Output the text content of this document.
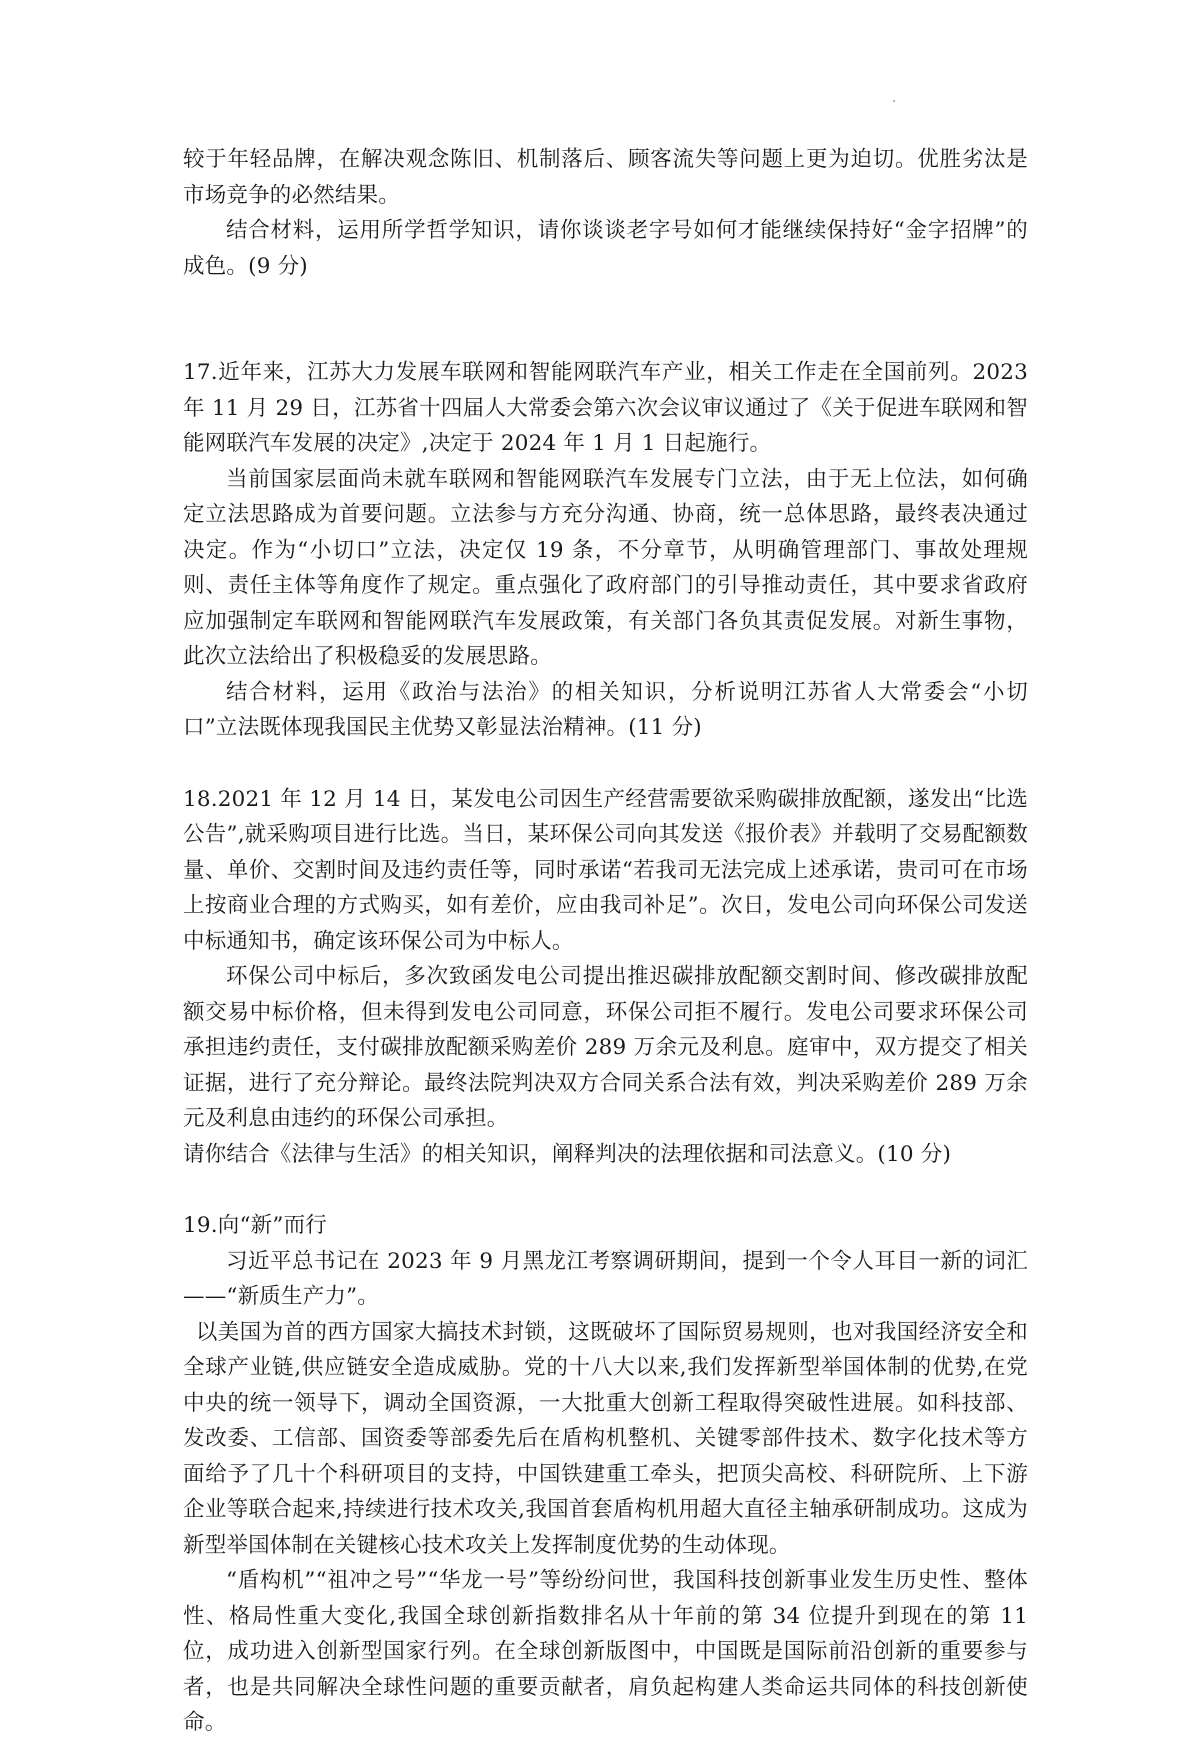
较于年轻品牌，在解决观念陈旧、机制落后、顾客流失等问题上更为迫切。优胜劣汰是市场竞争的必然结果。

结合材料，运用所学哲学知识，请你谈谈老字号如何才能继续保持好“金字招牌”的成色。(9 分)

17.近年来，江苏大力发展车联网和智能网联汽车产业，相关工作走在全国前列。2023 年 11 月 29 日，江苏省十四届人大常委会第六次会议审议通过了《关于促进车联网和智能网联汽车发展的决定》,决定于 2024 年 1 月 1 日起施行。

当前国家层面尚未就车联网和智能网联汽车发展专门立法，由于无上位法，如何确定立法思路成为首要问题。立法参与方充分沟通、协商，统一总体思路，最终表决通过决定。作为“小切口”立法，决定仅 19 条，不分章节，从明确管理部门、事故处理规则、责任主体等角度作了规定。重点强化了政府部门的引导推动责任，其中要求省政府应加强制定车联网和智能网联汽车发展政策，有关部门各负其责促发展。对新生事物，此次立法给出了积极稳妥的发展思路。

结合材料，运用《政治与法治》的相关知识，分析说明江苏省人大常委会“小切口”立法既体现我国民主优势又彰显法治精神。(11 分)

18.2021 年 12 月 14 日，某发电公司因生产经营需要欲采购碳排放配额，遂发出“比选公告”,就采购项目进行比选。当日，某环保公司向其发送《报价表》并载明了交易配额数量、单价、交割时间及违约责任等，同时承诺“若我司无法完成上述承诺，贵司可在市场上按商业合理的方式购买，如有差价，应由我司补足”。次日，发电公司向环保公司发送中标通知书，确定该环保公司为中标人。

环保公司中标后，多次致函发电公司提出推迟碳排放配额交割时间、修改碳排放配额交易中标价格，但未得到发电公司同意，环保公司拒不履行。发电公司要求环保公司承担违约责任，支付碳排放配额采购差价 289 万余元及利息。庭审中，双方提交了相关证据，进行了充分辩论。最终法院判决双方合同关系合法有效，判决采购差价 289 万余元及利息由违约的环保公司承担。

请你结合《法律与生活》的相关知识，阐释判决的法理依据和司法意义。(10 分)

19.向“新”而行

习近平总书记在 2023 年 9 月黑龙江考察调研期间，提到一个令人耳目一新的词汇——“新质生产力”。

以美国为首的西方国家大搞技术封锁，这既破坏了国际贸易规则，也对我国经济安全和全球产业链,供应链安全造成威胁。党的十八大以来,我们发挥新型举国体制的优势,在党中央的统一领导下，调动全国资源，一大批重大创新工程取得突破性进展。如科技部、发改委、工信部、国资委等部委先后在盾构机整机、关键零部件技术、数字化技术等方面给予了几十个科研项目的支持，中国铁建重工牵头，把顶尖高校、科研院所、上下游企业等联合起来,持续进行技术攻关,我国首套盾构机用超大直径主轴承研制成功。这成为新型举国体制在关键核心技术攻关上发挥制度优势的生动体现。

“盾构机”“祖冲之号”“华龙一号”等纷纷问世，我国科技创新事业发生历史性、整体性、格局性重大变化,我国全球创新指数排名从十年前的第 34 位提升到现在的第 11 位，成功进入创新型国家行列。在全球创新版图中，中国既是国际前沿创新的重要参与者，也是共同解决全球性问题的重要贡献者，肩负起构建人类命运共同体的科技创新使命。
